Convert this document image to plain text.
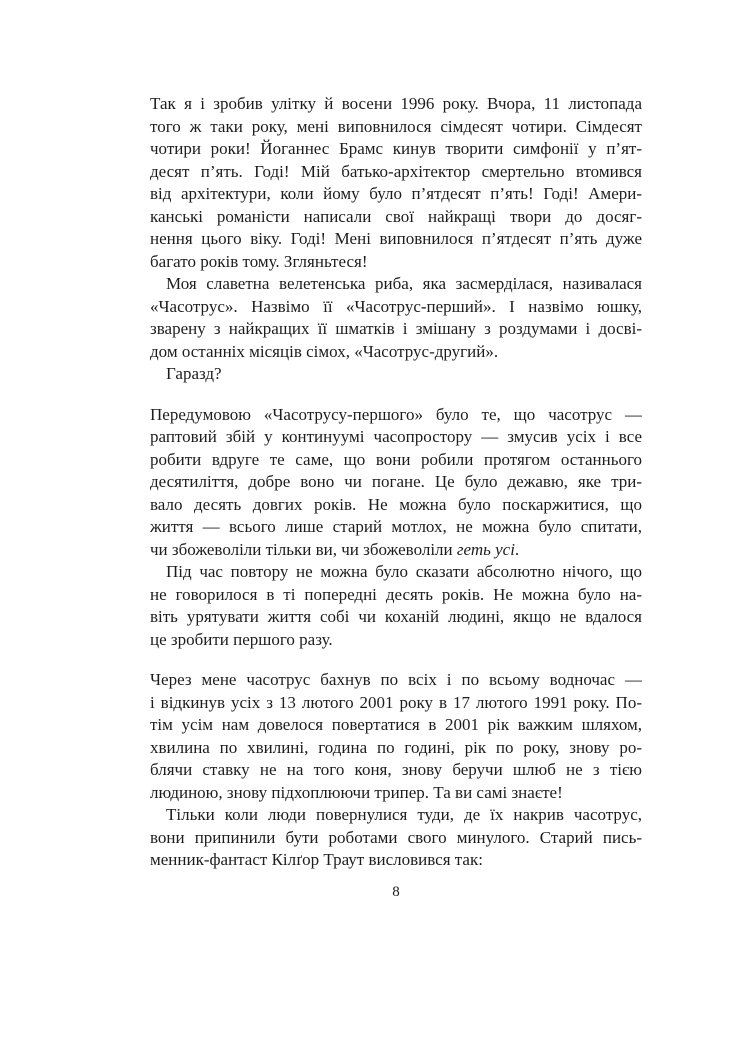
Так я і зробив улітку й восени 1996 року. Вчора, 11 листопада
того ж таки року, мені виповнилося сімдесят чотири. Сімдесят
чотири роки! Йоганнес Брамс кинув творити симфонії у п’ят-
десят п’ять. Годі! Мій батько-архітектор смертельно втомився
від архітектури, коли йому було п’ятдесят п’ять! Годі! Амери-
канські романісти написали свої найкращі твори до досяг-
нення цього віку. Годі! Мені виповнилося п’ятдесят п’ять дуже
багато років тому. Згляньтеся!
Моя славетна велетенська риба, яка засмерділася, називалася
«Часотрус». Назвімо її «Часотрус-перший». І назвімо юшку,
зварену з найкращих її шматків і змішану з роздумами і досві-
дом останніх місяців сімох, «Часотрус-другий».
Гаразд?
Передумовою «Часотрусу-першого» було те, що часотрус —
раптовий збій у континуумі часопростору — змусив усіх і все
робити вдруге те саме, що вони робили протягом останнього
десятиліття, добре воно чи погане. Це було дежавю, яке три-
вало десять довгих років. Не можна було поскаржитися, що
життя — всього лише старий мотлох, не можна було спитати,
чи збожеволіли тільки ви, чи збожеволіли геть усі.
Під час повтору не можна було сказати абсолютно нічого, що
не говорилося в ті попередні десять років. Не можна було на-
віть урятувати життя собі чи коханій людині, якщо не вдалося
це зробити першого разу.
Через мене часотрус бахнув по всіх і по всьому водночас —
і відкинув усіх з 13 лютого 2001 року в 17 лютого 1991 року. По-
тім усім нам довелося повертатися в 2001 рік важким шляхом,
хвилина по хвилині, година по годині, рік по року, знову ро-
блячи ставку не на того коня, знову беручи шлюб не з тією
людиною, знову підхоплюючи трипер. Та ви самі знаєте!
Тільки коли люди повернулися туди, де їх накрив часотрус,
вони припинили бути роботами свого минулого. Старий пись-
менник-фантаст Кілґор Траут висловився так:
8
